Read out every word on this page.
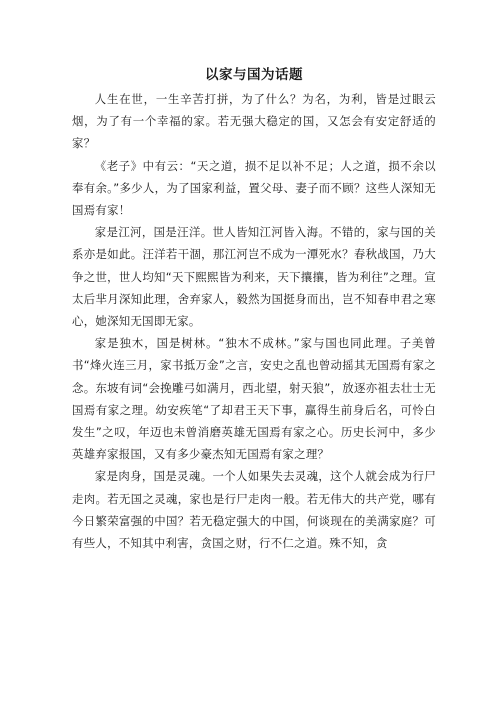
以家与国为话题

人生在世，一生辛苦打拼，为了什么？为名，为利，皆是过眼云烟，为了有一个幸福的家。若无强大稳定的国，又怎会有安定舒适的家？

《老子》中有云：“天之道，损不足以补不足；人之道，损不余以奉有余。”多少人，为了国家利益，置父母、妻子而不顾？这些人深知无国焉有家！

家是江河，国是汪洋。世人皆知江河皆入海。不错的，家与国的关系亦是如此。汪洋若干涸，那江河岂不成为一潭死水？春秋战国，乃大争之世，世人均知“天下熙熙皆为利来，天下攘攘，皆为利往”之理。宣太后芈月深知此理，舍弃家人，毅然为国挺身而出，岂不知春申君之寒心，她深知无国即无家。

家是独木，国是树林。“独木不成林。”家与国也同此理。子美曾书“烽火连三月，家书抵万金”之言，安史之乱也曾动摇其无国焉有家之念。东坡有词“会挽雕弓如满月，西北望，射天狼”，放逐亦祖去壮士无国焉有家之理。幼安疾笔“了却君王天下事，赢得生前身后名，可怜白发生”之叹，年迈也未曾消磨英雄无国焉有家之心。历史长河中，多少英雄弃家报国，又有多少豪杰知无国焉有家之理？

家是肉身，国是灵魂。一个人如果失去灵魂，这个人就会成为行尸走肉。若无国之灵魂，家也是行尸走肉一般。若无伟大的共产党，哪有今日繁荣富强的中国？若无稳定强大的中国，何谈现在的美满家庭？可有些人，不知其中利害，贪国之财，行不仁之道。殊不知，贪
